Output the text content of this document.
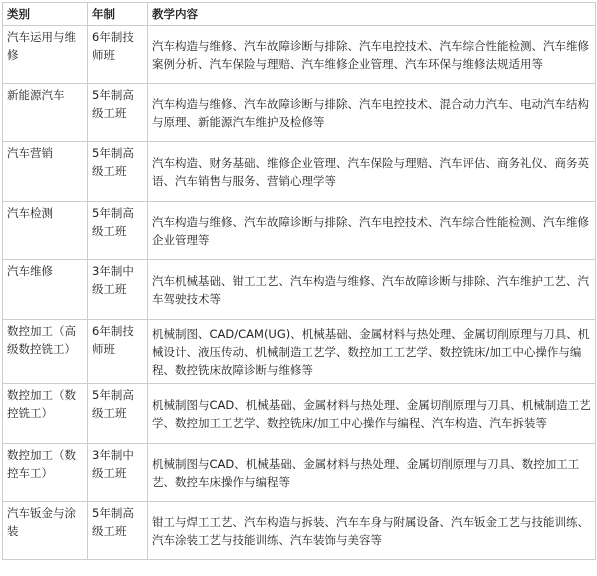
类别	年制	教学内容
汽车运用与维修	6年制技师班	汽车构造与维修、汽车故障诊断与排除、汽车电控技术、汽车综合性能检测、汽车维修案例分析、汽车保险与理赔、汽车维修企业管理、汽车环保与维修法规适用等
新能源汽车	5年制高级工班	汽车构造与维修、汽车故障诊断与排除、汽车电控技术、混合动力汽车、电动汽车结构与原理、新能源汽车维护及检修等
汽车营销	5年制高级工班	汽车构造、财务基础、维修企业管理、汽车保险与理赔、汽车评估、商务礼仪、商务英语、汽车销售与服务、营销心理学等
汽车检测	5年制高级工班	汽车构造与维修、汽车故障诊断与排除、汽车电控技术、汽车综合性能检测、汽车维修企业管理等
汽车维修	3年制中级工班	汽车机械基础、钳工工艺、汽车构造与维修、汽车故障诊断与排除、汽车维护工艺、汽车驾驶技术等
数控加工（高级数控铣工）	6年制技师班	机械制图、CAD/CAM(UG)、机械基础、金属材料与热处理、金属切削原理与刀具、机械设计、液压传动、机械制造工艺学、数控加工工艺学、数控铣床/加工中心操作与编程、数控铣床故障诊断与维修等
数控加工（数控铣工）	5年制高级工班	机械制图与CAD、机械基础、金属材料与热处理、金属切削原理与刀具、机械制造工艺学、数控加工工艺学、数控铣床/加工中心操作与编程、汽车构造、汽车拆装等
数控加工（数控车工）	3年制中级工班	机械制图与CAD、机械基础、金属材料与热处理、金属切削原理与刀具、数控加工工艺、数控车床操作与编程等
汽车钣金与涂装	5年制高级工班	钳工与焊工工艺、汽车构造与拆装、汽车车身与附属设备、汽车钣金工艺与技能训练、汽车涂装工艺与技能训练、汽车装饰与美容等
